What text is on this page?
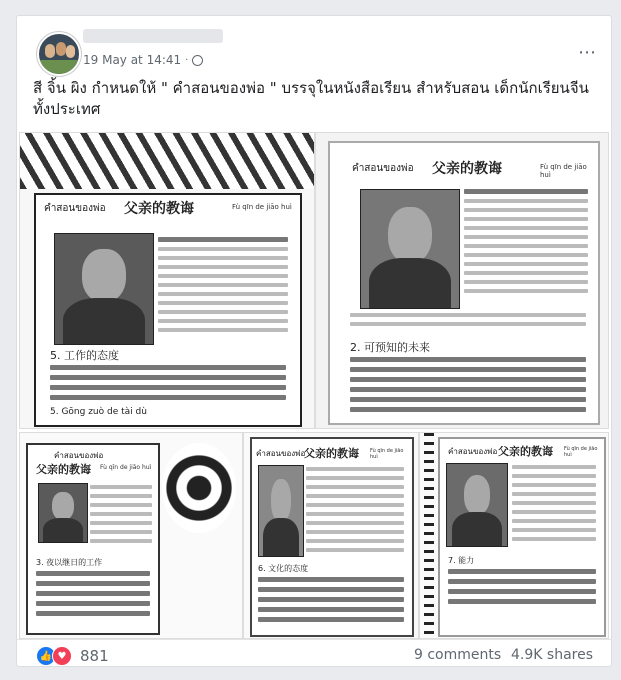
19 May at 14:41 ·	⋯
สี จิ้น ผิง กำหนดให้ " คำสอนของพ่อ " บรรจุในหนังสือเรียน สำหรับสอน เด็กนักเรียนจีน ทั้งประเทศ
คำสอนของพ่อ 父亲的教诲	Fù qīn de jiāo huì
5. 工作的态度
5. Gōng zuò de tài dù
คำสอนของพ่อ 父亲的教诲	Fù qīn de jiāo huì
2. 可预知的未来
คำสอนของพ่อ
父亲的教诲 Fù qīn de jiāo huì
3. 夜以继日的工作
คำสอนของพ่อ
父亲的教诲 Fù qīn de jiāo huì
6. 文化的态度
คำสอนของพ่อ 父亲的教诲 Fù qīn de jiāo huì
7. 能力
👍 ♥ 881	9 comments 4.9K shares
